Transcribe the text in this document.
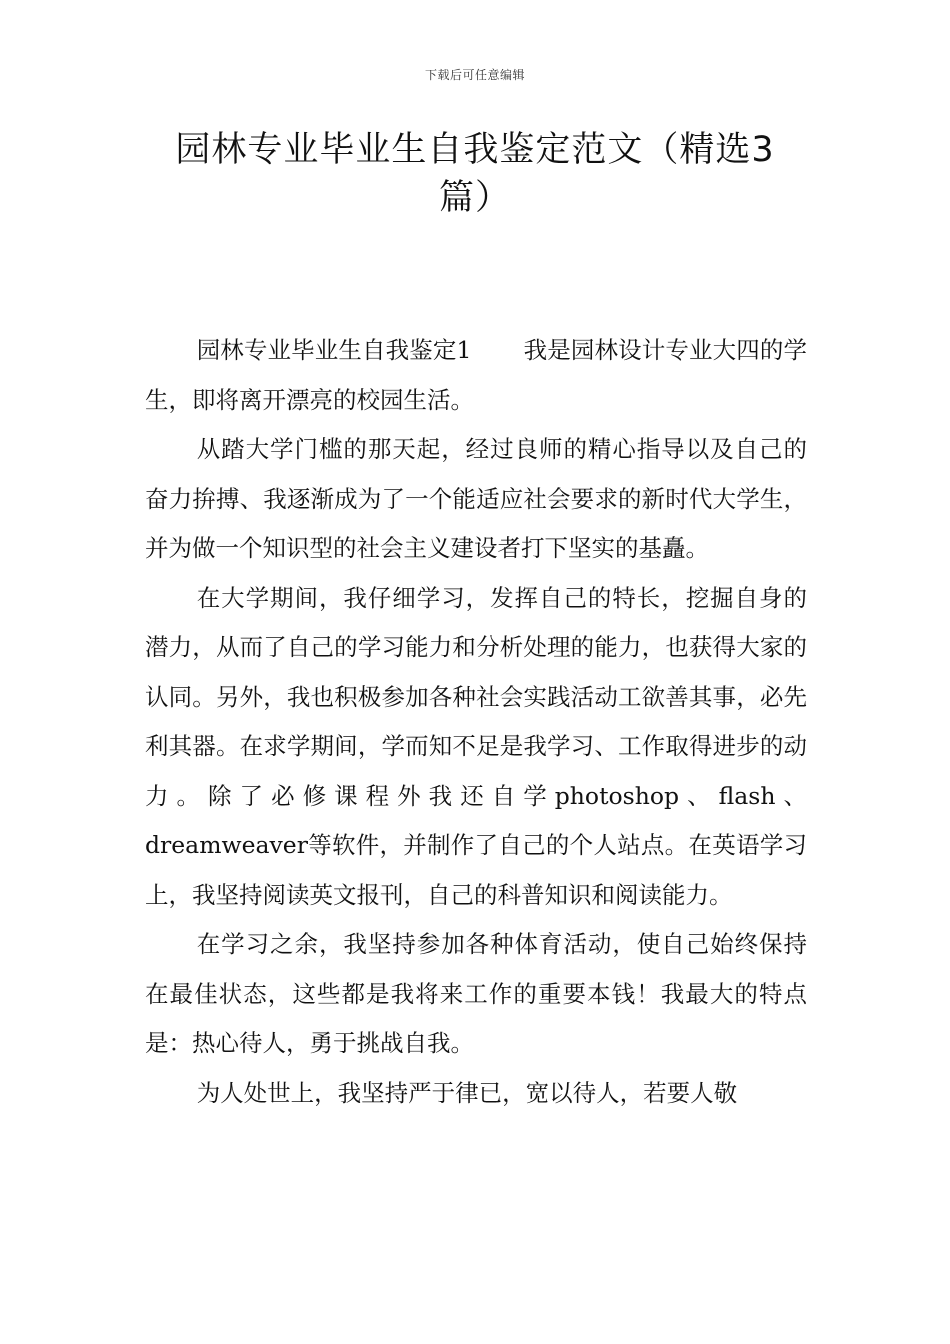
下载后可任意编辑
园林专业毕业生自我鉴定范文（精选3
篇）

园林专业毕业生自我鉴定1 我是园林设计专业大四的学生，即将离开漂亮的校园生活。

从踏大学门槛的那天起，经过良师的精心指导以及自己的奋力拚搏、我逐渐成为了一个能适应社会要求的新时代大学生，并为做一个知识型的社会主义建设者打下坚实的基矗。

在大学期间，我仔细学习，发挥自己的特长，挖掘自身的潜力，从而了自己的学习能力和分析处理的能力，也获得大家的认同。另外，我也积极参加各种社会实践活动工欲善其事，必先利其器。在求学期间，学而知不足是我学习、工作取得进步的动力。除了必修课程外我还自学photoshop、flash、dreamweaver等软件，并制作了自己的个人站点。在英语学习上，我坚持阅读英文报刊，自己的科普知识和阅读能力。

在学习之余，我坚持参加各种体育活动，使自己始终保持在最佳状态，这些都是我将来工作的重要本钱！我最大的特点是：热心待人，勇于挑战自我。

为人处世上，我坚持严于律已，宽以待人，若要人敬
